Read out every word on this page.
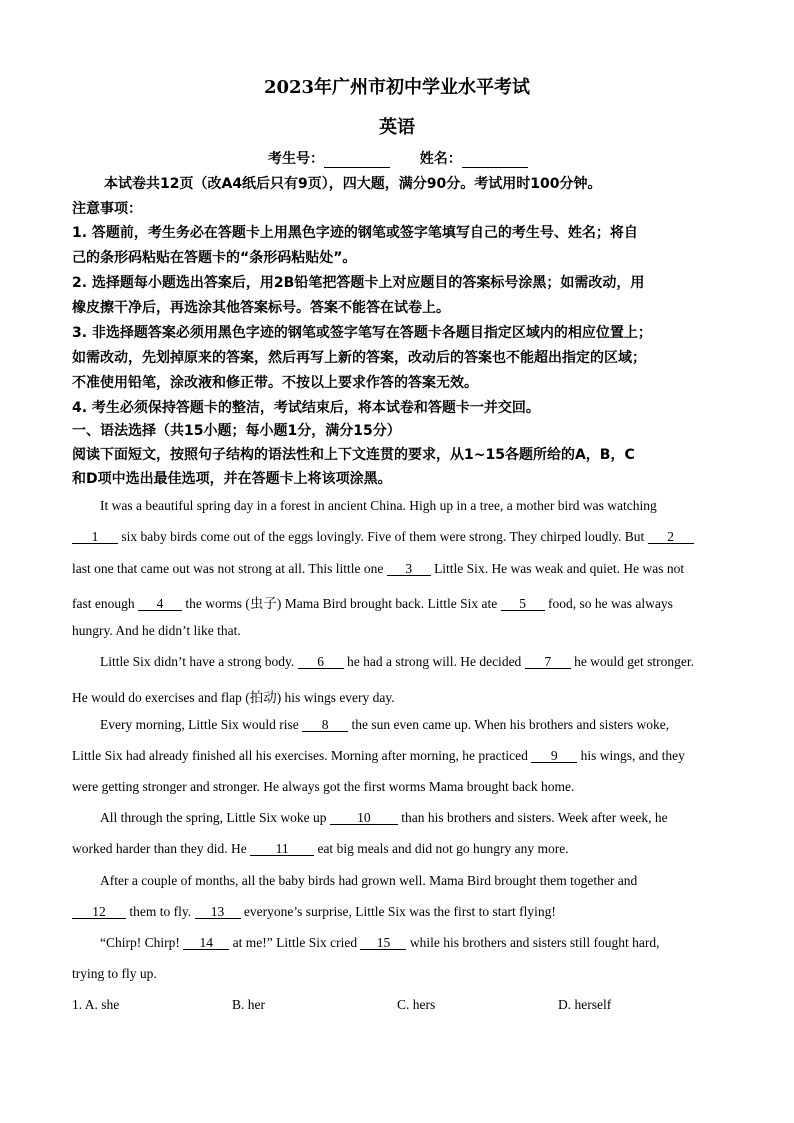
2023年广州市初中学业水平考试
英语
考生号：	姓名：
本试卷共12页（改A4纸后只有9页），四大题，满分90分。考试用时100分钟。
注意事项：
1. 答题前，考生务必在答题卡上用黑色字迹的钢笔或签字笔填写自己的考生号、姓名；将自
己的条形码粘贴在答题卡的“条形码粘贴处”。
2. 选择题每小题选出答案后，用2B铅笔把答题卡上对应题目的答案标号涂黑；如需改动，用
橡皮擦干净后，再选涂其他答案标号。答案不能答在试卷上。
3. 非选择题答案必须用黑色字迹的钢笔或签字笔写在答题卡各题目指定区域内的相应位置上；
如需改动，先划掉原来的答案，然后再写上新的答案，改动后的答案也不能超出指定的区域；
不准使用铅笔，涂改液和修正带。不按以上要求作答的答案无效。
4. 考生必须保持答题卡的整洁，考试结束后，将本试卷和答题卡一并交回。
一、语法选择（共15小题；每小题1分，满分15分）
阅读下面短文，按照句子结构的语法性和上下文连贯的要求，从1~15各题所给的A，B，C
和D项中选出最佳选项，并在答题卡上将该项涂黑。
It was a beautiful spring day in a forest in ancient China. High up in a tree, a mother bird was watching
1 six baby birds come out of the eggs lovingly. Five of them were strong. They chirped loudly. But 2
last one that came out was not strong at all. This little one 3 Little Six. He was weak and quiet. He was not
fast enough 4 the worms (虫子) Mama Bird brought back. Little Six ate 5 food, so he was always
hungry. And he didn’t like that.
Little Six didn’t have a strong body. 6 he had a strong will. He decided 7 he would get stronger.
He would do exercises and flap (拍动) his wings every day.
Every morning, Little Six would rise 8 the sun even came up. When his brothers and sisters woke,
Little Six had already finished all his exercises. Morning after morning, he practiced 9 his wings, and they
were getting stronger and stronger. He always got the first worms Mama brought back home.
All through the spring, Little Six woke up 10 than his brothers and sisters. Week after week, he
worked harder than they did. He 11 eat big meals and did not go hungry any more.
After a couple of months, all the baby birds had grown well. Mama Bird brought them together and
12 them to fly. 13 everyone’s surprise, Little Six was the first to start flying!
“Chirp! Chirp! 14 at me!” Little Six cried 15 while his brothers and sisters still fought hard,
trying to fly up.
1. A. she	B. her	C. hers	D. herself
